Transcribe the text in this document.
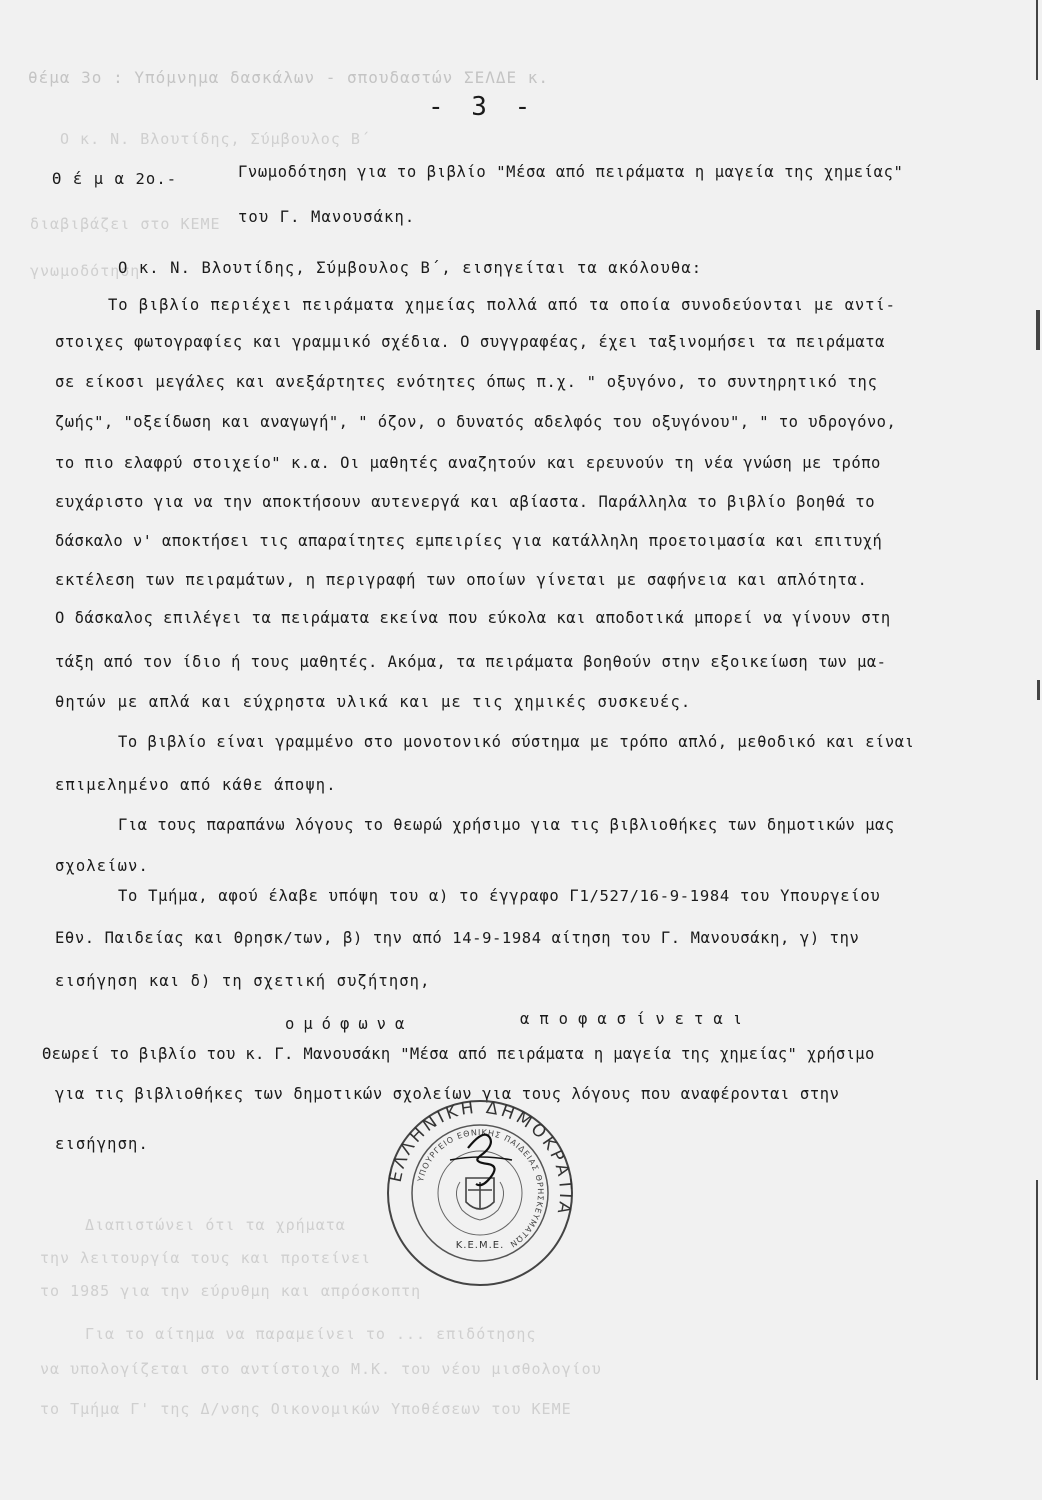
θέμα 3ο : Υπόμνημα δασκάλων - σπουδαστών ΣΕΛΔΕ κ.
Ο κ. Ν. Βλουτίδης, Σύμβουλος Β΄
διαβιβάζει στο ΚΕΜΕ
γνωμοδότηση
Διαπιστώνει ότι τα χρήματα
την λειτουργία τους και προτείνει
το 1985 για την εύρυθμη και απρόσκοπτη
Για το αίτημα να παραμείνει το ... επιδότησης
να υπολογίζεται στο αντίστοιχο Μ.Κ. του νέου μισθολογίου
το Τμήμα Γ' της Δ/νσης Οικονομικών Υποθέσεων του ΚΕΜΕ
- 3 -
Θ έ μ α 2ο.-	Γνωμοδότηση για το βιβλίο "Μέσα από πειράματα η μαγεία της χημείας"
του Γ. Μανουσάκη.
Ο κ. Ν. Βλουτίδης, Σύμβουλος Β΄, εισηγείται τα ακόλουθα:
Το βιβλίο περιέχει πειράματα χημείας πολλά από τα οποία συνοδεύονται με αντί-
στοιχες φωτογραφίες και γραμμικό σχέδια. Ο συγγραφέας, έχει ταξινομήσει τα πειράματα
σε είκοσι μεγάλες και ανεξάρτητες ενότητες όπως π.χ. " οξυγόνο, το συντηρητικό της
ζωής", "οξείδωση και αναγωγή", " όζον, ο δυνατός αδελφός του οξυγόνου", " το υδρογόνο,
το πιο ελαφρύ στοιχείο" κ.α. Οι μαθητές αναζητούν και ερευνούν τη νέα γνώση με τρόπο
ευχάριστο για να την αποκτήσουν αυτενεργά και αβίαστα. Παράλληλα το βιβλίο βοηθά το
δάσκαλο ν' αποκτήσει τις απαραίτητες εμπειρίες για κατάλληλη προετοιμασία και επιτυχή
εκτέλεση των πειραμάτων, η περιγραφή των οποίων γίνεται με σαφήνεια και απλότητα.
Ο δάσκαλος επιλέγει τα πειράματα εκείνα που εύκολα και αποδοτικά μπορεί να γίνουν στη
τάξη από τον ίδιο ή τους μαθητές. Ακόμα, τα πειράματα βοηθούν στην εξοικείωση των μα-
θητών με απλά και εύχρηστα υλικά και με τις χημικές συσκευές.
Το βιβλίο είναι γραμμένο στο μονοτονικό σύστημα με τρόπο απλό, μεθοδικό και είναι
επιμελημένο από κάθε άποψη.
Για τους παραπάνω λόγους το θεωρώ χρήσιμο για τις βιβλιοθήκες των δημοτικών μας
σχολείων.
Το Τμήμα, αφού έλαβε υπόψη του α) το έγγραφο Γ1/527/16-9-1984 του Υπουργείου
Εθν. Παιδείας και Θρησκ/των, β) την από 14-9-1984 αίτηση του Γ. Μανουσάκη, γ) την
εισήγηση και δ) τη σχετική συζήτηση,
ομόφωνα	αποφασίνεται
Θεωρεί το βιβλίο του κ. Γ. Μανουσάκη "Μέσα από πειράματα η μαγεία της χημείας" χρήσιμο
για τις βιβλιοθήκες των δημοτικών σχολείων για τους λόγους που αναφέρονται στην
εισήγηση.
ΕΛΛΗΝΙΚΗ ΔΗΜΟΚΡΑΤΙΑ
ΥΠΟΥΡΓΕΙΟ ΕΘΝΙΚΗΣ ΠΑΙΔΕΙΑΣ ΘΡΗΣΚΕΥΜΑΤΩΝ
Κ.Ε.Μ.Ε.
